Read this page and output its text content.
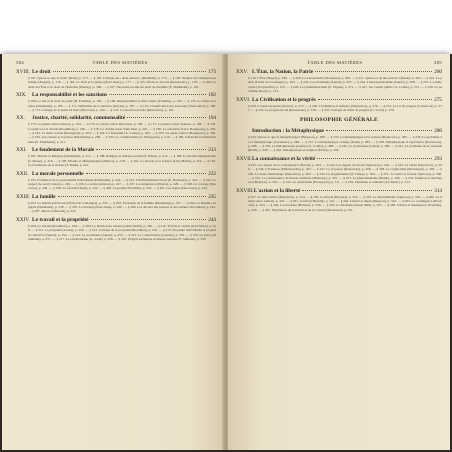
384	TABLE DES MATIÈRES
XVIII. Le droit	173
§ 161. Qu'est-ce que le droit? (Kant), p. 173. — § 162. Critique du « droit naturel » (Bentham), p. 175. — § 163. Origine de l'obligation juridique (Duguit), p. 176. — § 164. Le droit et la justice (Paul Janet), p. 177. — § 165. Droits et devoirs (Renouvier), p. 178. — § 166. Le droit de l'État et le droit de l'individu (Jhering), p. 180. — § 167. Nécessité sociale du droit de l'homme (E. Durkheim), p. 181.
XIX.	La responsabilité et les sanctions	182
§ 168. Le fait et le droit de punir (H. Fouillée), p. 182. — § 169. Responsabilité et libre arbitre (Fouillée), p. 184. — § 170. Le crime et la peine (Durkheim), p. 185. — § 171. Définition de la sanction (Guyau), p. 187. — § 172. Classification des sanctions (Fauconnet), p. 188. — § 173. Critique de la peine de mort (Beccaria), p. 190. — § 174. La sanction morale (Renouvier), p. 191.
XX.	Justice, charité, solidarité, commensalité	194
§ 175. La justice selon Aristote, p. 194. — § 176. La justice selon Descartes, p. 196. — § 177. La justice selon Spinoza, p. 198. — § 178. La justice et la charité (Proudhon), p. 199. — § 179. La charité selon Saint Paul, p. 201. — § 180. La solidarité (Léon Bourgeois), p. 202. — § 181. La dette sociale (Bourgeois), p. 203. — § 182. La fraternité (A. Comte), p. 205. — § 183. Le quasi-contrat (Bourgeois), p. 206. — § 184. Les classes et la justice (Durkheim), p. 208. — § 185. La commensalité (L. Bourgeois), p. 210. — § 186. Solidarité et individualisme (E. Durkheim), p. 211.
XXI.	Le fondement de la Morale	213
§ 187. Morale et Religion (Durkheim), p. 213. — § 188. Religion et éthique sociale (F. Pillon), p. 215. — § 189. La morale indépendante (J. Massé), p. 216. — § 190. Morale et Métaphysique (Delbos), p. 218. — § 191. La morale et la science (Lévy-Bruhl), p. 219. — § 192. Le fondement de la morale (F. Rauh), p. 221.
XXII. La morale personnelle	222
§ 193. Formation de la personnalité individuelle (Durkheim), p. 222. — § 194. L'individualisme moral (E. Boutroux), p. 224. — § 195. Le respect de soi (P. Janet), p. 226. — § 196. La vertu (Aristote), p. 227. — § 197. La tempérance (Platon), p. 229. — § 198. Le courage (Descartes), p. 230. — § 199. La véracité (Kant), p. 232. — § 200. La probité (Fouillée), p. 233. — § 201. Les règles (Descartes), p. 234.
XXIII. La famille	235
§ 202. La famille patriarcale (Fustel de Coulanges), p. 235. — § 203. Évolution de la famille (Durkheim), p. 237. — § 204. La famille conjugale (Durkheim), p. 238. — § 205. Le mariage (Paul Janet), p. 240. — § 206. Les devoirs des parents et des enfants (Proudhon), p. 241. — § 207. Divorce (Bonald), p. 243.
XXIV. Le travail et la propriété	244
§ 208. Le travail (Proudhon), p. 244. — § 209. La division du travail (Adam Smith), p. 246. — § 210. Travail et capital (Karl Marx), p. 248. — § 211. La propriété (Locke), p. 250. — § 212. Critique de la propriété (Proudhon), p. 252. — § 213. Propriété individuelle et propriété collective (Jaurès), p. 254. — § 214. Le socialisme (Jaurès), p. 255. — § 215. Le collectivisme (Guesde), p. 256. — § 216. La grève (Durkheim), p. 257. — § 217. Le syndicalisme (G. Sorel), p. 258. — § 218. Progrès technique et misère ouvrière (F. Simiand), p. 259.
TABLE DES MATIÈRES	385
XXV. L'État, la Nation, la Patrie	260
§ 219. L'État (Hegel), p. 260. — § 220. La souveraineté (Rousseau), p. 262. — § 221. Qu'est-ce qu'une nation? (Renan), p. 264. — § 222. La patrie (Fustel de Coulanges), p. 265. — § 223. Le patriotisme (Jaurès), p. 267. — § 224. L'internationalisme (Jaurès), p. 268. — § 225. La démocratie (Tocqueville), p. 270. — § 226. Le parlementarisme (E. Faguet), p. 271. — § 227. Sur l'esprit public (A. Comte), p. 272. — § 228. Le pacifisme (Kant), p. 274.
XXVI. La Civilisation et le progrès	275
§ 229. L'esprit européen (Guizot), p. 275. — § 230. Civilisation et barbarie (Seignobos), p. 276. — § 231. La loi du progrès (Condorcet), p. 277. — § 232. Le progrès moral (Renouvier), p. 278. — § 233. Critique de l'idée de progrès (G. Sorel), p. 279.
PHILOSOPHIE GÉNÉRALE
Introduction : la Métaphysique	280
§ 234. Qu'est-ce que la métaphysique? (Bergson), p. 280. — § 235. La métaphysique et la science (Boutroux), p. 282. — § 236. Le problème de la métaphysique (Lachelier), p. 284. — § 237. La métaphysique critique (Kant), p. 285. — § 238. Métaphysique et expérience (Ravaisson), p. 286. — § 239. La métaphysique positive (A. Comte), p. 288. — § 240. Le positivisme (Littré), p. 289. — § 241. Le problème de la certitude (Rauh), p. 290. — § 242. Métaphysique et religion (Fichte), p. 292.
XXVII. La connaissance et la vérité	293
§ 243. Les degrés de la connaissance (Platon), p. 293. — § 244. Les degrés du savoir (Spinoza), p. 294. — § 245. La vérité (Descartes), p. 296. — § 246. L'évidence (Malebranche), p. 297. — § 247. La croyance (Renouvier), p. 299. — § 248. Le scepticisme (Montaigne), p. 300. — § 249. Le doute méthodique (Descartes), p. 302. — § 250. Le pragmatisme (W. James), p. 304. — § 251. La vérité et l'erreur (Spinoza), p. 306. — § 252. La connaissance du monde extérieur (Berkeley), p. 307. — § 253. Le phénoménisme (Hume), p. 308. — § 254. Intuition et intelligence (Bergson), p. 310. — § 255. Le relativisme (Protagoras), p. 311. — § 256. Idéalisme et réalisme (Lachelier), p. 312.
XXVIII. L'action et la liberté	314
§ 257. Le libre arbitre (Descartes), p. 314. — § 258. La liberté (Bossuet), p. 316. — § 259. Le déterminisme (Spinoza), p. 318. — § 260. La liberté selon Leibniz, p. 319. — § 261. L'action (Blondel), p. 321. — § 262. Liberté et durée (Bergson), p. 322. — § 263. La contingence (Boutroux), p. 324. — § 264. La nécessité (Hobbes), p. 326. — § 265. Le fatalisme (Stuart Mill), p. 327. — § 266. Liberté et intelligence (Fouillée), p. 329. — § 267. Expérience de la liberté et de la volonté (Ravaisson), p. 331.
